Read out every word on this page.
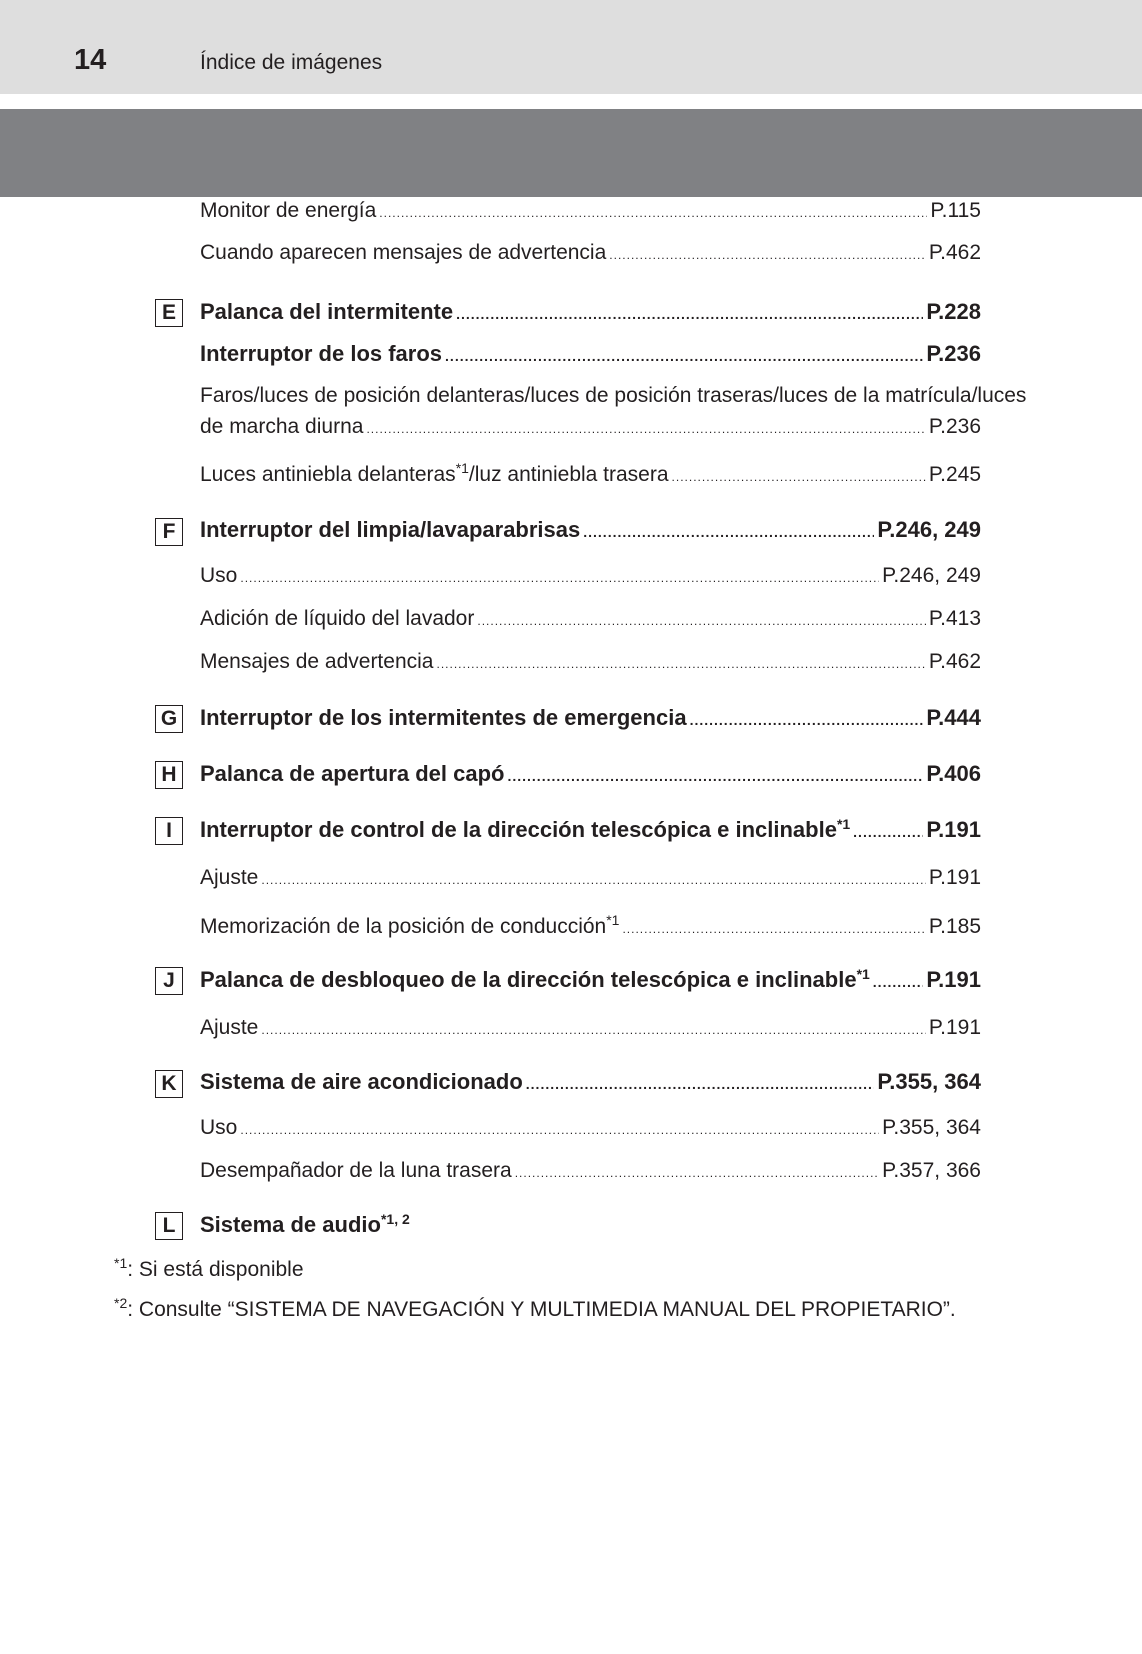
14	Índice de imágenes
Monitor de energía .....	P.115
Cuando aparecen mensajes de advertencia .....	P.462
E	Palanca del intermitente .....	P.228
Interruptor de los faros .....	P.236
Faros/luces de posición delanteras/luces de posición traseras/luces de la matrícula/luces
de marcha diurna .....	P.236
Luces antiniebla delanteras$^{*1}$/luz antiniebla trasera .....	P.245
F	Interruptor del limpia/lavaparabrisas .....	P.246, 249
Uso .....	P.246, 249
Adición de líquido del lavador .....	P.413
Mensajes de advertencia .....	P.462
G Interruptor de los intermitentes de emergencia .....	P.444
H Palanca de apertura del capó .....	P.406
I	Interruptor de control de la dirección telescópica e inclinable$^{*1}$ .....	P.191
Ajuste .....	P.191
Memorización de la posición de conducción$^{*1}$ .....	P.185
J	Palanca de desbloqueo de la dirección telescópica e inclinable$^{*1}$ .....	P.191
Ajuste .....	P.191
K Sistema de aire acondicionado .....	P.355, 364
Uso .....	P.355, 364
Desempañador de la luna trasera .....	P.357, 366
L	Sistema de audio$^{*1, 2}$
$^{*1}$: Si está disponible
$^{*2}$: Consulte “SISTEMA DE NAVEGACIÓN Y MULTIMEDIA MANUAL DEL PROPIETARIO”.
